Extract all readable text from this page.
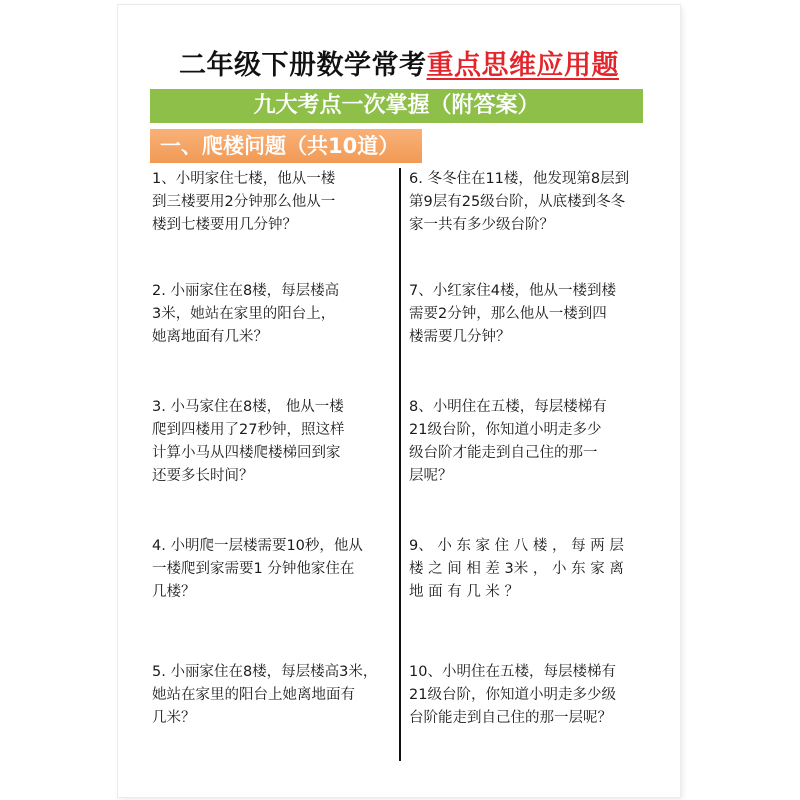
二年级下册数学常考重点思维应用题
九大考点一次掌握（附答案）
一、爬楼问题（共10道）
1、小明家住七楼，他从一楼
到三楼要用2分钟那么他从一
楼到七楼要用几分钟？
2. 小丽家住在8楼，每层楼高
3米，她站在家里的阳台上，
她离地面有几米？
3. 小马家住在8楼， 他从一楼
爬到四楼用了27秒钟，照这样
计算小马从四楼爬楼梯回到家
还要多长时间？
4. 小明爬一层楼需要10秒，他从
一楼爬到家需要1 分钟他家住在
几楼？
5. 小丽家住在8楼，每层楼高3米，
她站在家里的阳台上她离地面有
几米？
6. 冬冬住在11楼，他发现第8层到
第9层有25级台阶，从底楼到冬冬
家一共有多少级台阶？
7、小红家住4楼，他从一楼到楼
需要2分钟，那么他从一楼到四
楼需要几分钟？
8、小明住在五楼，每层楼梯有
21级台阶，你知道小明走多少
级台阶才能走到自己住的那一
层呢？
9、 小 东 家 住 八 楼 ， 每 两 层
楼 之 间 相 差 3米 ， 小 东 家 离
地 面 有 几 米 ？
10、小明住在五楼，每层楼梯有
21级台阶，你知道小明走多少级
台阶能走到自己住的那一层呢？
